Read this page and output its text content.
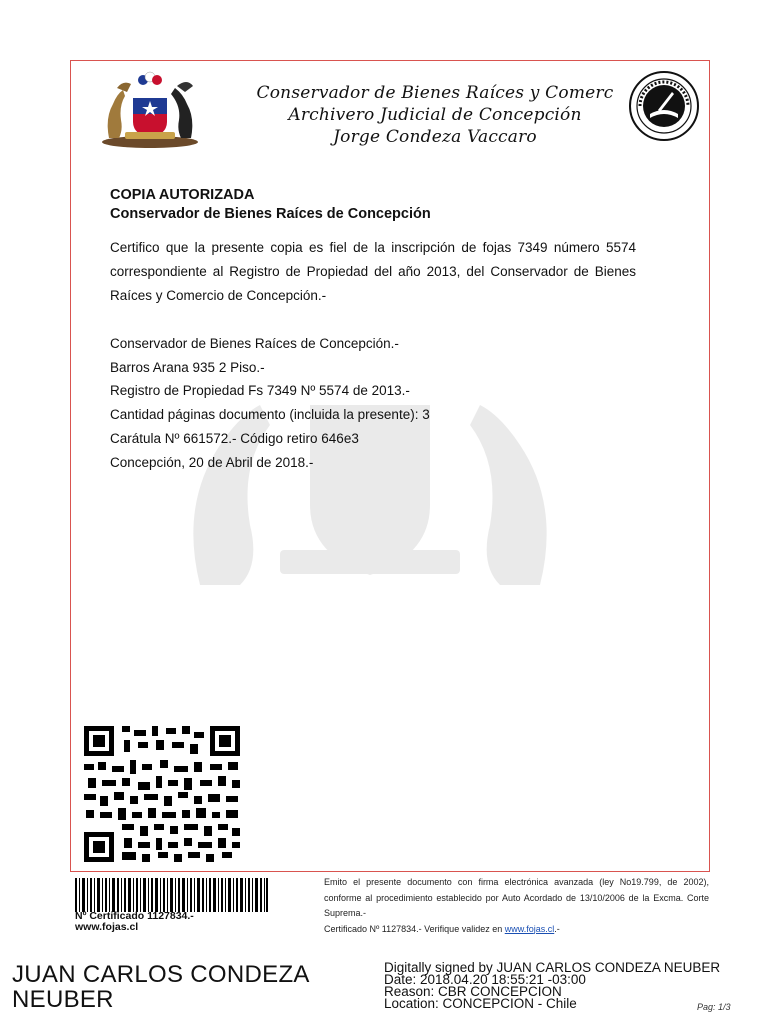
Conservador de Bienes Raíces y Comerc
Archivero Judicial de Concepción
Jorge Condeza Vaccaro
COPIA AUTORIZADA
Conservador de Bienes Raíces de Concepción
Certifico que la presente copia es fiel de la inscripción de fojas 7349 número 5574 correspondiente al Registro de Propiedad del año 2013, del Conservador de Bienes Raíces y Comercio de Concepción.-
Conservador de Bienes Raíces de Concepción.-
Barros Arana 935 2 Piso.-
Registro de Propiedad Fs 7349 Nº 5574 de 2013.-
Cantidad páginas documento (incluida la presente): 3
Carátula Nº 661572.- Código retiro 646e3
Concepción, 20 de Abril de 2018.-
Nº Certificado 1127834.-
www.fojas.cl
Emito el presente documento con firma electrónica avanzada (ley No19.799, de 2002), conforme al procedimiento establecido por Auto Acordado de 13/10/2006 de la Excma. Corte Suprema.-
Certificado Nº 1127834.- Verifique validez en www.fojas.cl.-
JUAN CARLOS CONDEZA
NEUBER
Digitally signed by JUAN CARLOS CONDEZA NEUBER
Date: 2018.04.20 18:55:21 -03:00
Reason: CBR CONCEPCION
Location: CONCEPCION - Chile	Pag: 1/3
